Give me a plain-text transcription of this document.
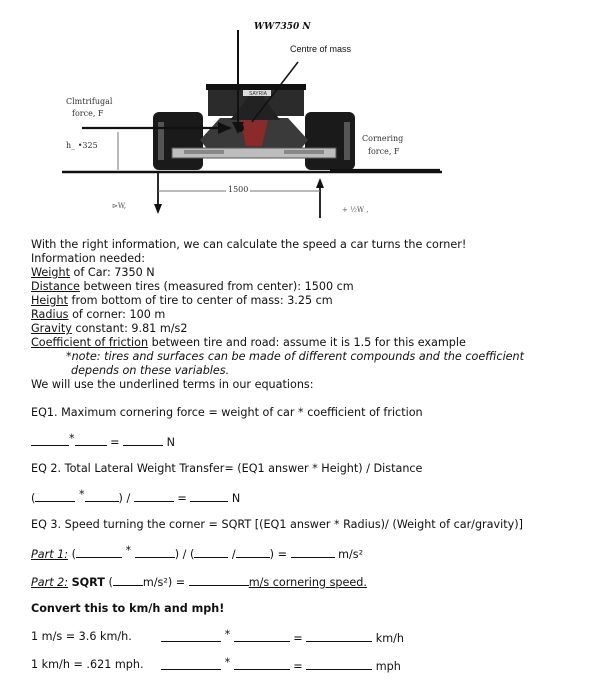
SAYRIA
WW7350 N
Centre of mass
Clmtrifugal
force, F
h_ •325
Cornering
force, F
1500
⊳W,	+ ½W ,
With the right information, we can calculate the speed a car turns the corner!
Information needed:
Weight of Car: 7350 N
Distance between tires (measured from center): 1500 cm
Height from bottom of tire to center of mass: 3.25 cm
Radius of corner: 100 m
Gravity constant: 9.81 m/s2
Coefficient of friction between tire and road: assume it is 1.5 for this example
*note: tires and surfaces can be made of different compounds and the coefficient
depends on these variables.
We will use the underlined terms in our equations:
EQ1. Maximum cornering force = weight of car * coefficient of friction
*	=	N
EQ 2. Total Lateral Weight Transfer= (EQ1 answer * Height) / Distance
(	*	) /	=	N
EQ 3. Speed turning the corner = SQRT [(EQ1 answer * Radius)/ (Weight of car/gravity)]
Part 1: (	*	) / (	/	) =	m/s²
Part 2: SQRT (	m/s²) =	m/s cornering speed.
Convert this to km/h and mph!
1 m/s = 3.6 km/h.	*	=	km/h
1 km/h = .621 mph.	*	=	mph
